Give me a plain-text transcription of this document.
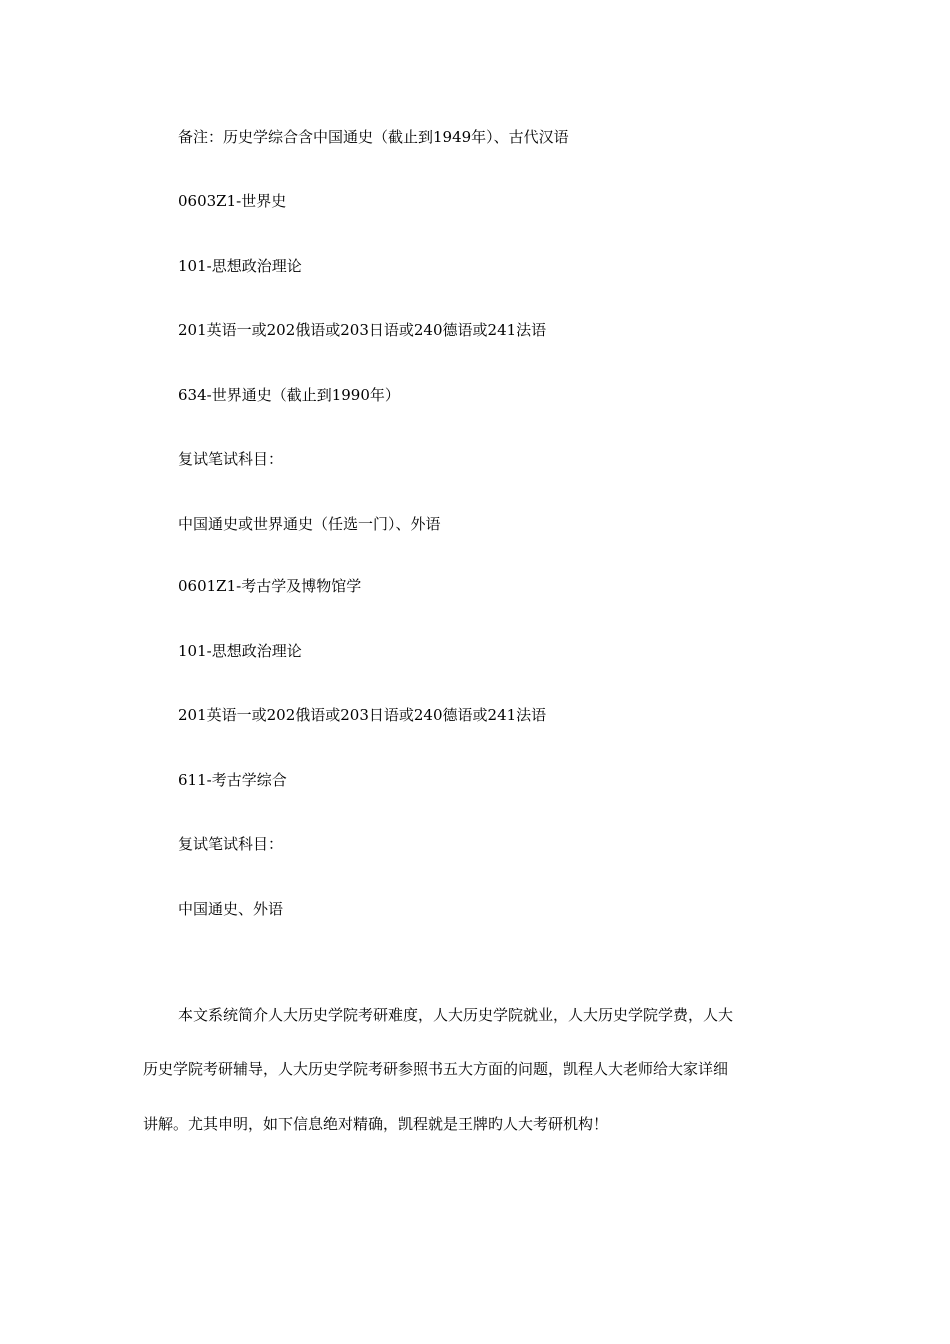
备注：历史学综合含中国通史（截止到1949年）、古代汉语
0603Z1-世界史
101-思想政治理论
201英语一或202俄语或203日语或240德语或241法语
634-世界通史（截止到1990年）
复试笔试科目：
中国通史或世界通史（任选一门）、外语
0601Z1-考古学及博物馆学
101-思想政治理论
201英语一或202俄语或203日语或240德语或241法语
611-考古学综合
复试笔试科目：
中国通史、外语
本文系统简介人大历史学院考研难度，人大历史学院就业，人大历史学院学费，人大
历史学院考研辅导，人大历史学院考研参照书五大方面的问题，凯程人大老师给大家详细
讲解。尤其申明，如下信息绝对精确，凯程就是王牌旳人大考研机构！
